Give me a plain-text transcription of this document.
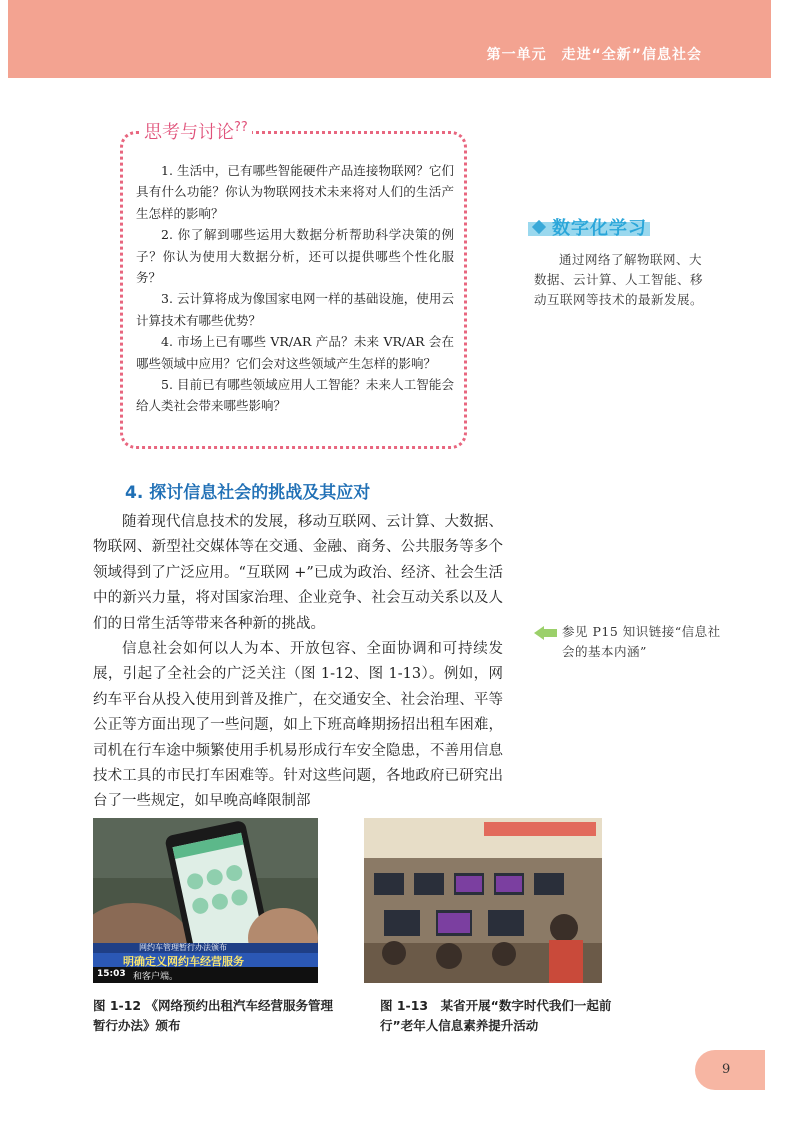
第一单元　走进“全新”信息社会
思考与讨论??

1. 生活中，已有哪些智能硬件产品连接物联网？它们具有什么功能？你认为物联网技术未来将对人们的生活产生怎样的影响？

2. 你了解到哪些运用大数据分析帮助科学决策的例子？你认为使用大数据分析，还可以提供哪些个性化服务？

3. 云计算将成为像国家电网一样的基础设施，使用云计算技术有哪些优势？

4. 市场上已有哪些 VR/AR 产品？未来 VR/AR 会在哪些领域中应用？它们会对这些领域产生怎样的影响？

5. 目前已有哪些领域应用人工智能？未来人工智能会给人类社会带来哪些影响？

数字化学习
通过网络了解物联网、大数据、云计算、人工智能、移动互联网等技术的最新发展。
4. 探讨信息社会的挑战及其应对

随着现代信息技术的发展，移动互联网、云计算、大数据、物联网、新型社交媒体等在交通、金融、商务、公共服务等多个领域得到了广泛应用。“互联网 +”已成为政治、经济、社会生活中的新兴力量，将对国家治理、企业竞争、社会互动关系以及人们的日常生活等带来各种新的挑战。

信息社会如何以人为本、开放包容、全面协调和可持续发展，引起了全社会的广泛关注（图 1-12、图 1-13）。例如，网约车平台从投入使用到普及推广，在交通安全、社会治理、平等公正等方面出现了一些问题，如上下班高峰期扬招出租车困难，司机在行车途中频繁使用手机易形成行车安全隐患，不善用信息技术工具的市民打车困难等。针对这些问题，各地政府已研究出台了一些规定，如早晚高峰限制部

参见 P15 知识链接“信息社会的基本内涵”
网约车管理暂行办法颁布
明确定义网约车经营服务
15:03 和客户端。
图 1-12 《网络预约出租汽车经营服务管理暂行办法》颁布
图 1-13　某省开展“数字时代我们一起前行”老年人信息素养提升活动
9
